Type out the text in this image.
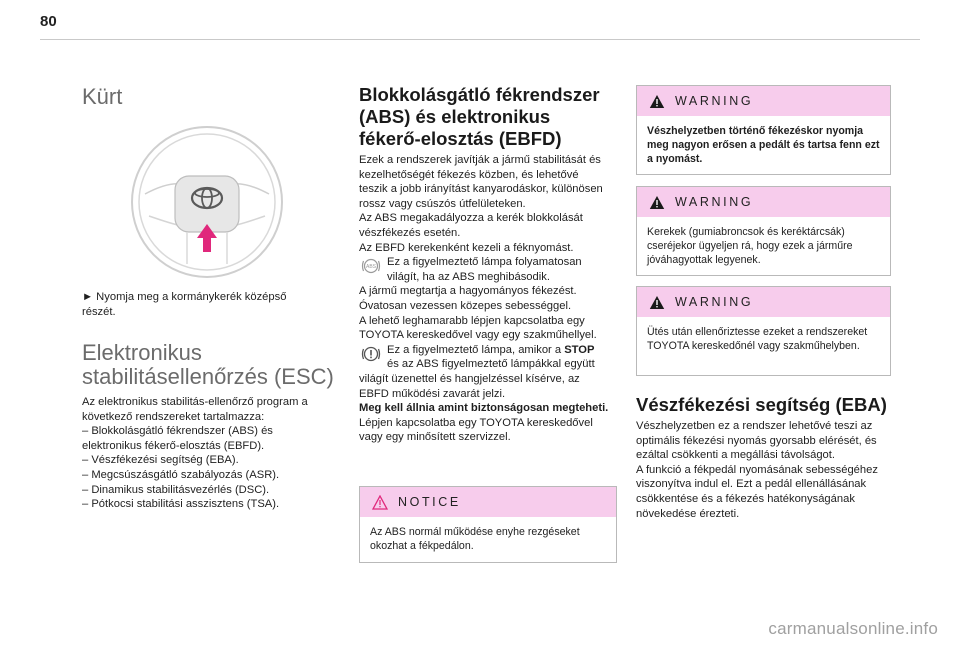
80
Kürt

► Nyomja meg a kormánykerék középső részét.

Elektronikus
stabilitásellenőrzés (ESC)

Az elektronikus stabilitás-ellenőrző program a következő rendszereket tartalmazza:

– Blokkolásgátló fékrendszer (ABS) és elektronikus fékerő-elosztás (EBFD).

– Vészfékezési segítség (EBA).

– Megcsúszásgátló szabályozás (ASR).

– Dinamikus stabilitásvezérlés (DSC).

– Pótkocsi stabilitási asszisztens (TSA).

Blokkolásgátló fékrendszer
(ABS) és elektronikus
fékerő-elosztás (EBFD)

Ezek a rendszerek javítják a jármű stabilitását és kezelhetőségét fékezés közben, és lehetővé teszik a jobb irányítást kanyarodáskor, különösen rossz vagy csúszós útfelületeken.

Az ABS megakadályozza a kerék blokkolását vészfékezés esetén.

Az EBFD kerekenként kezeli a féknyomást.

ABS Ez a figyelmeztető lámpa folyamatosan világít, ha az ABS meghibásodik.

A jármű megtartja a hagyományos fékezést.

Óvatosan vezessen közepes sebességgel.

A lehető leghamarabb lépjen kapcsolatba egy TOYOTA kereskedővel vagy egy szakműhellyel.

Ez a figyelmeztető lámpa, amikor a STOP és az ABS figyelmeztető lámpákkal együtt világít üzenettel és hangjelzéssel kísérve, az EBFD működési zavarát jelzi.

Meg kell állnia amint biztonságosan megteheti.

Lépjen kapcsolatba egy TOYOTA kereskedővel vagy egy minősített szervizzel.

NOTICE

Az ABS normál működése enyhe rezgéseket okozhat a fékpedálon.

WARNING

Vészhelyzetben történő fékezéskor nyomja meg nagyon erősen a pedált és tartsa fenn ezt a nyomást.

WARNING

Kerekek (gumiabroncsok és keréktárcsák) cseréjekor ügyeljen rá, hogy ezek a járműre jóváhagyottak legyenek.

WARNING

Ütés után ellenőriztesse ezeket a rendszereket TOYOTA kereskedőnél vagy szakműhelyben.

Vészfékezési segítség (EBA)

Vészhelyzetben ez a rendszer lehetővé teszi az optimális fékezési nyomás gyorsabb elérését, és ezáltal csökkenti a megállási távolságot.

A funkció a fékpedál nyomásának sebességéhez viszonyítva indul el. Ezt a pedál ellenállásának csökkentése és a fékezés hatékonyságának növekedése érezteti.

carmanualsonline.info
